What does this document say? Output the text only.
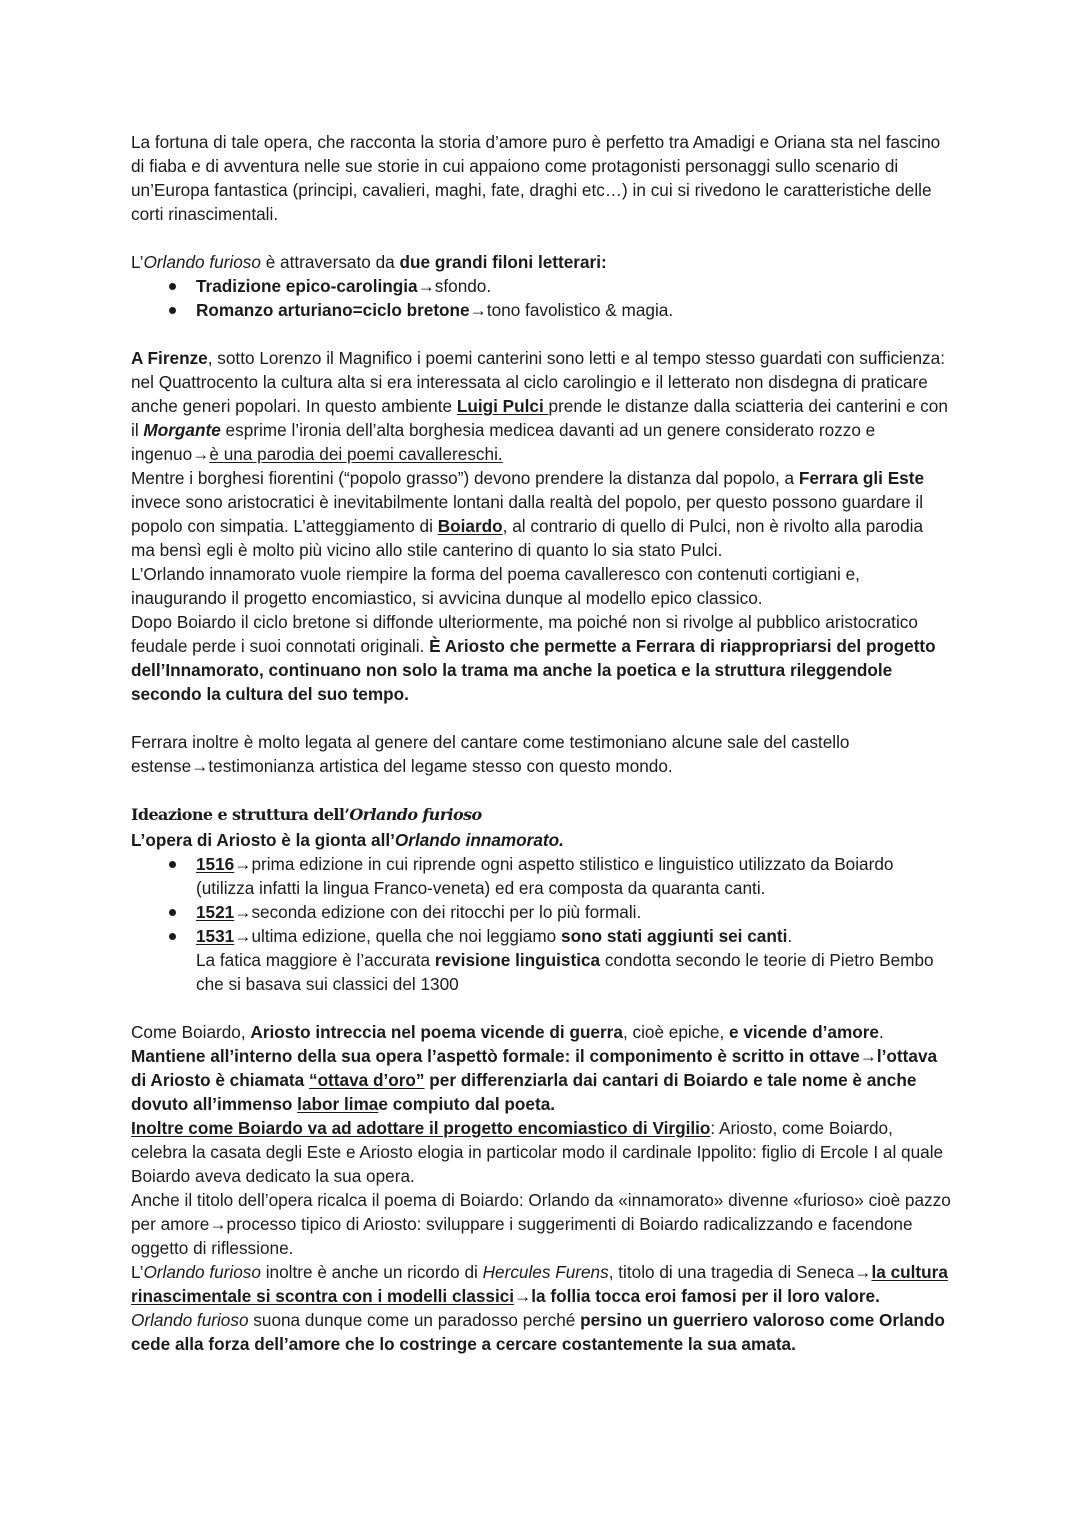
La fortuna di tale opera, che racconta la storia d’amore puro è perfetto tra Amadigi e Oriana sta nel fascino di fiaba e di avventura nelle sue storie in cui appaiono come protagonisti personaggi sullo scenario di un’Europa fantastica (principi, cavalieri, maghi, fate, draghi etc…) in cui si rivedono le caratteristiche delle corti rinascimentali.

L’Orlando furioso è attraversato da due grandi filoni letterari:

Tradizione epico-carolingia→sfondo.
Romanzo arturiano=ciclo bretone→tono favolistico & magia.

A Firenze, sotto Lorenzo il Magnifico i poemi canterini sono letti e al tempo stesso guardati con sufficienza: nel Quattrocento la cultura alta si era interessata al ciclo carolingio e il letterato non disdegna di praticare anche generi popolari. In questo ambiente Luigi Pulci prende le distanze dalla sciatteria dei canterini e con il Morgante esprime l’ironia dell’alta borghesia medicea davanti ad un genere considerato rozzo e ingenuo→è una parodia dei poemi cavallereschi.

Mentre i borghesi fiorentini (“popolo grasso”) devono prendere la distanza dal popolo, a Ferrara gli Este invece sono aristocratici è inevitabilmente lontani dalla realtà del popolo, per questo possono guardare il popolo con simpatia. L’atteggiamento di Boiardo, al contrario di quello di Pulci, non è rivolto alla parodia ma bensì egli è molto più vicino allo stile canterino di quanto lo sia stato Pulci.

L’Orlando innamorato vuole riempire la forma del poema cavalleresco con contenuti cortigiani e, inaugurando il progetto encomiastico, si avvicina dunque al modello epico classico.

Dopo Boiardo il ciclo bretone si diffonde ulteriormente, ma poiché non si rivolge al pubblico aristocratico feudale perde i suoi connotati originali. È Ariosto che permette a Ferrara di riappropriarsi del progetto dell’Innamorato, continuano non solo la trama ma anche la poetica e la struttura rileggendole secondo la cultura del suo tempo.

Ferrara inoltre è molto legata al genere del cantare come testimoniano alcune sale del castello estense→testimonianza artistica del legame stesso con questo mondo.

Ideazione e struttura dell’Orlando furioso

L’opera di Ariosto è la gionta all’Orlando innamorato.

1516→prima edizione in cui riprende ogni aspetto stilistico e linguistico utilizzato da Boiardo (utilizza infatti la lingua Franco-veneta) ed era composta da quaranta canti.
1521→seconda edizione con dei ritocchi per lo più formali.
1531→ultima edizione, quella che noi leggiamo sono stati aggiunti sei canti.
La fatica maggiore è l’accurata revisione linguistica condotta secondo le teorie di Pietro Bembo che si basava sui classici del 1300

Come Boiardo, Ariosto intreccia nel poema vicende di guerra, cioè epiche, e vicende d’amore.

Mantiene all’interno della sua opera l’aspettò formale: il componimento è scritto in ottave→l’ottava di Ariosto è chiamata “ottava d’oro” per differenziarla dai cantari di Boiardo e tale nome è anche dovuto all’immenso labor limae compiuto dal poeta.

Inoltre come Boiardo va ad adottare il progetto encomiastico di Virgilio: Ariosto, come Boiardo, celebra la casata degli Este e Ariosto elogia in particolar modo il cardinale Ippolito: figlio di Ercole I al quale Boiardo aveva dedicato la sua opera.

Anche il titolo dell’opera ricalca il poema di Boiardo: Orlando da «innamorato» divenne «furioso» cioè pazzo per amore→processo tipico di Ariosto: sviluppare i suggerimenti di Boiardo radicalizzando e facendone oggetto di riflessione.

L’Orlando furioso inoltre è anche un ricordo di Hercules Furens, titolo di una tragedia di Seneca→la cultura rinascimentale si scontra con i modelli classici→la follia tocca eroi famosi per il loro valore.

Orlando furioso suona dunque come un paradosso perché persino un guerriero valoroso come Orlando cede alla forza dell’amore che lo costringe a cercare costantemente la sua amata.
